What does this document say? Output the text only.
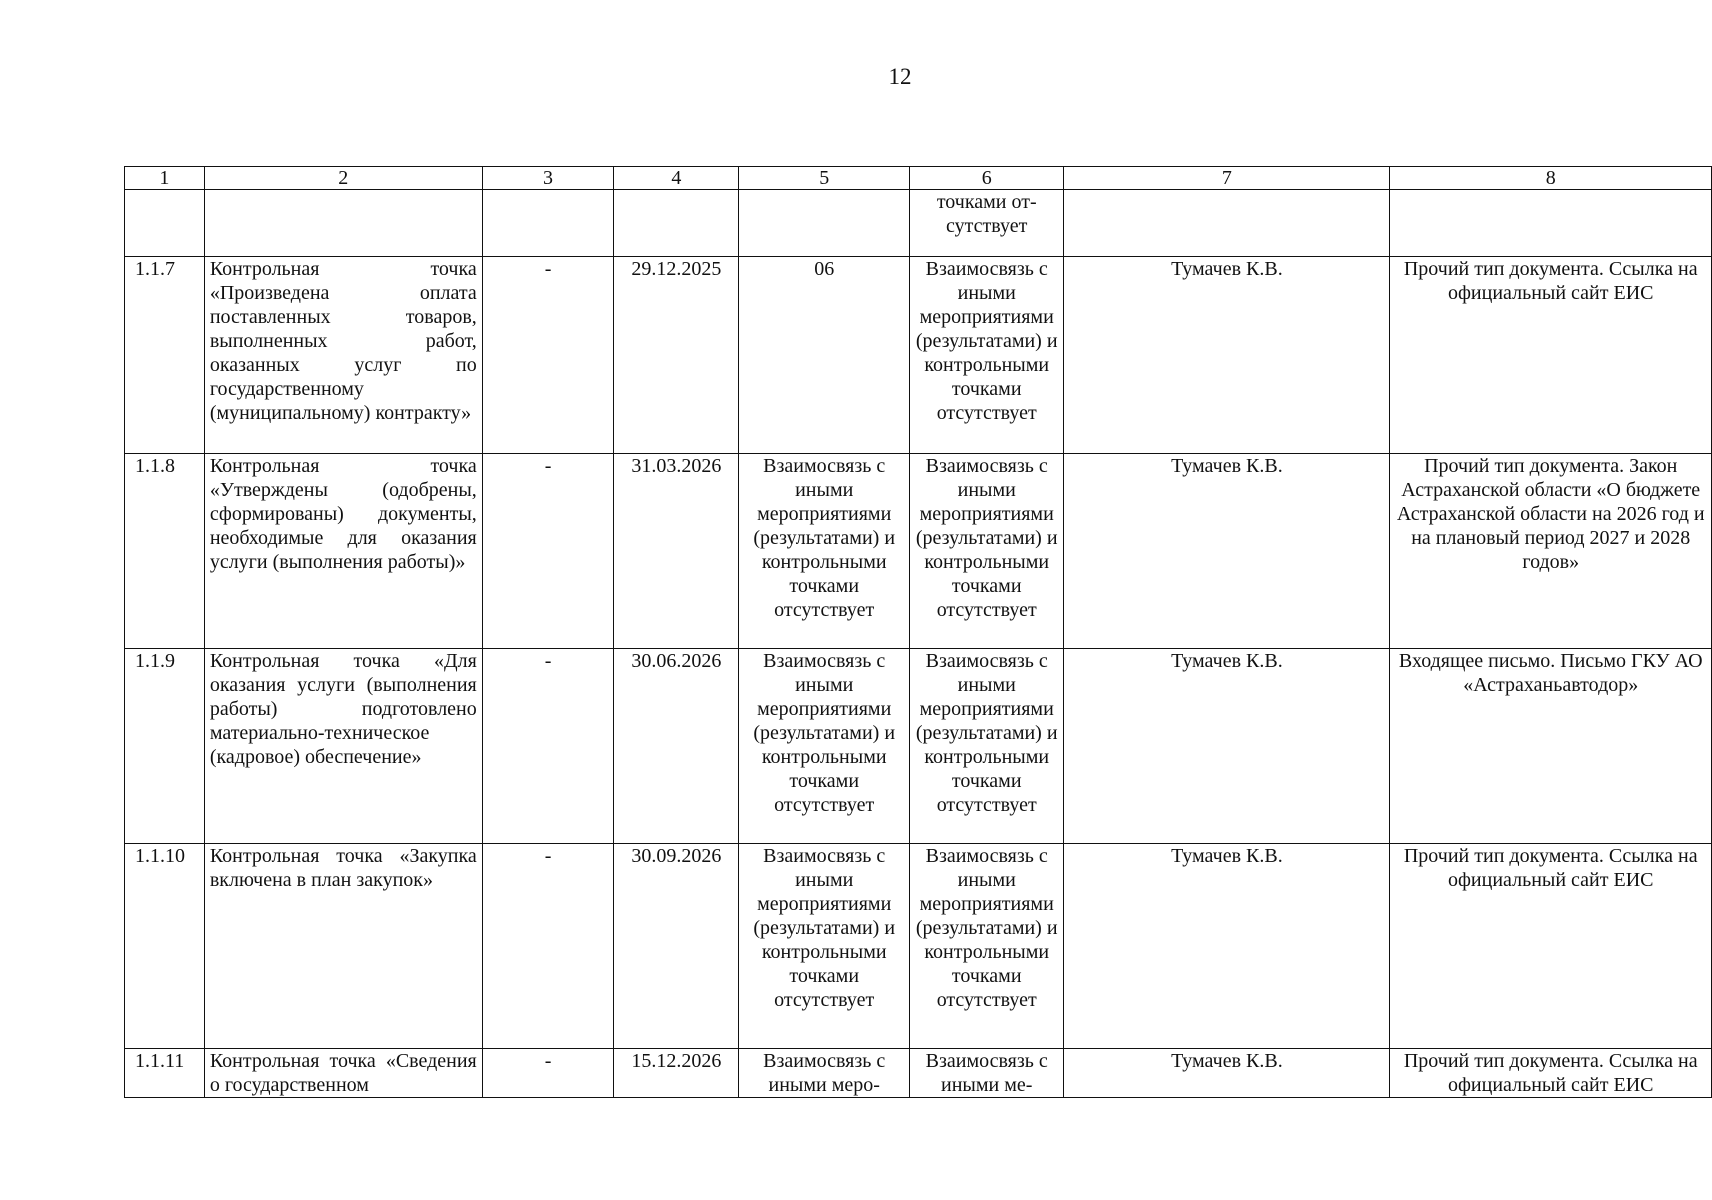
12
1	2	3	4	5	6	7	8
					точками от-сутствует		
1.1.7	Контрольная точка «Произведена оплата поставленных товаров, выполненных работ, оказанных услуг по государственному (муниципальному) контракту»	-	29.12.2025	06	Взаимосвязь с иными мероприятиями (результатами) и контрольными точками отсутствует	Тумачев К.В.	Прочий тип документа. Ссылка на официальный сайт ЕИС
1.1.8	Контрольная точка «Утверждены (одобрены, сформированы) документы, необходимые для оказания услуги (выполнения работы)»	-	31.03.2026	Взаимосвязь с иными мероприятиями (результатами) и контрольными точками отсутствует	Взаимосвязь с иными мероприятиями (результатами) и контрольными точками отсутствует	Тумачев К.В.	Прочий тип документа. Закон Астраханской области «О бюджете Астраханской области на 2026 год и на плановый период 2027 и 2028 годов»
1.1.9	Контрольная точка «Для оказания услуги (выполнения работы) подготовлено материально-техническое (кадровое) обеспечение»	-	30.06.2026	Взаимосвязь с иными мероприятиями (результатами) и контрольными точками отсутствует	Взаимосвязь с иными мероприятиями (результатами) и контрольными точками отсутствует	Тумачев К.В.	Входящее письмо. Письмо ГКУ АО «Астраханьавтодор»
1.1.10	Контрольная точка «Закупка включена в план закупок»	-	30.09.2026	Взаимосвязь с иными мероприятиями (результатами) и контрольными точками отсутствует	Взаимосвязь с иными мероприятиями (результатами) и контрольными точками отсутствует	Тумачев К.В.	Прочий тип документа. Ссылка на официальный сайт ЕИС
1.1.11	Контрольная точка «Сведения о государственном	-	15.12.2026	Взаимосвязь с иными меро-	Взаимосвязь с иными ме-	Тумачев К.В.	Прочий тип документа. Ссылка на официальный сайт ЕИС
